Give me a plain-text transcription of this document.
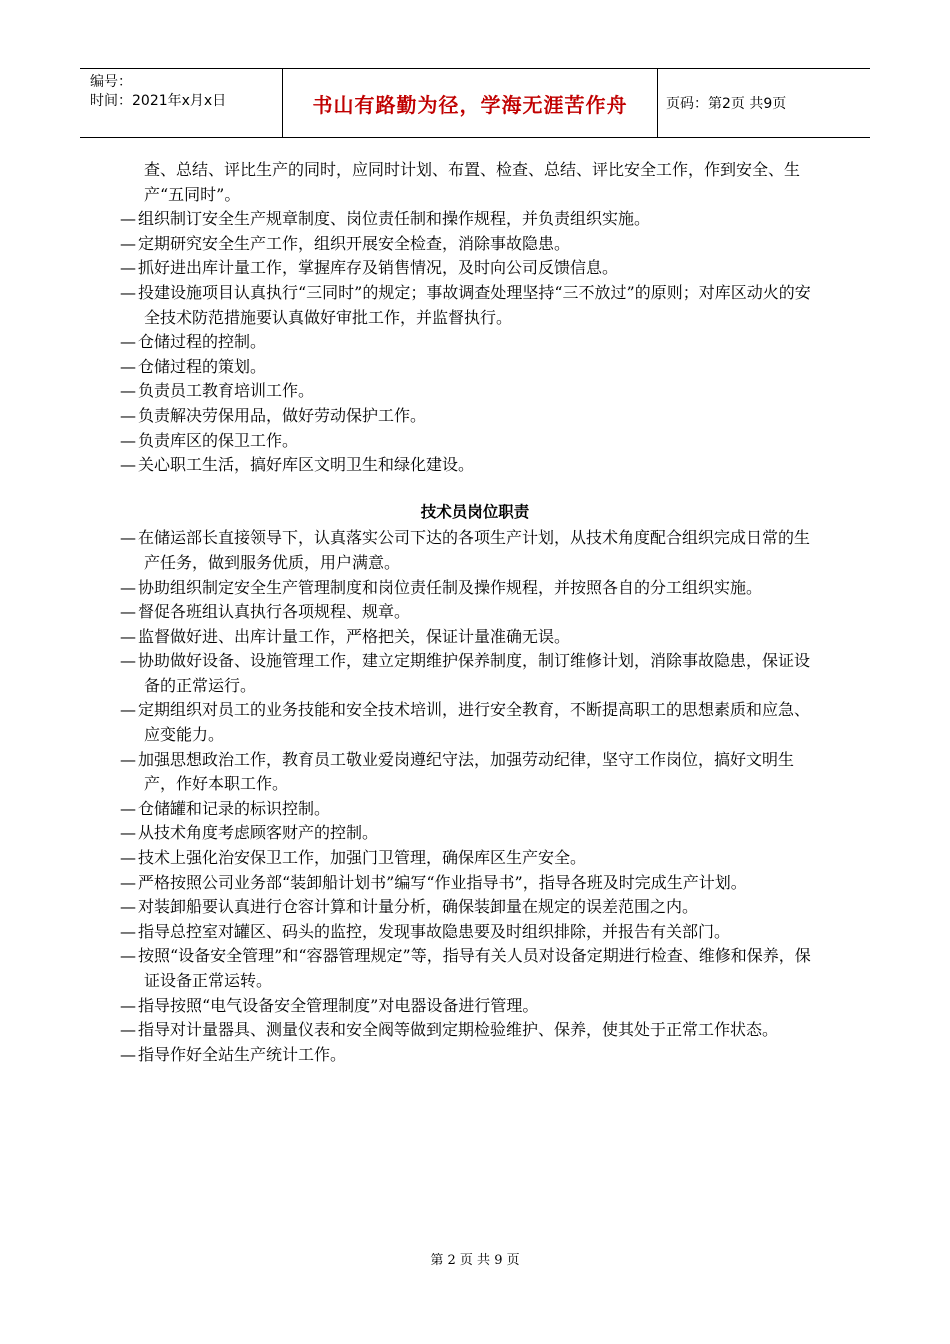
编号：
时间：2021年x月x日	书山有路勤为径，学海无涯苦作舟	页码：第2页 共9页

查、总结、评比生产的同时，应同时计划、布置、检查、总结、评比安全工作，作到安全、生产“五同时”。

— 组织制订安全生产规章制度、岗位责任制和操作规程，并负责组织实施。

— 定期研究安全生产工作，组织开展安全检查，消除事故隐患。

— 抓好进出库计量工作，掌握库存及销售情况，及时向公司反馈信息。

— 投建设施项目认真执行“三同时”的规定；事故调查处理坚持“三不放过”的原则；对库区动火的安全技术防范措施要认真做好审批工作，并监督执行。

— 仓储过程的控制。

— 仓储过程的策划。

— 负责员工教育培训工作。

— 负责解决劳保用品，做好劳动保护工作。

— 负责库区的保卫工作。

— 关心职工生活，搞好库区文明卫生和绿化建设。

技术员岗位职责

— 在储运部长直接领导下，认真落实公司下达的各项生产计划，从技术角度配合组织完成日常的生产任务，做到服务优质，用户满意。

— 协助组织制定安全生产管理制度和岗位责任制及操作规程，并按照各自的分工组织实施。

— 督促各班组认真执行各项规程、规章。

— 监督做好进、出库计量工作，严格把关，保证计量准确无误。

— 协助做好设备、设施管理工作，建立定期维护保养制度，制订维修计划，消除事故隐患，保证设备的正常运行。

— 定期组织对员工的业务技能和安全技术培训，进行安全教育，不断提高职工的思想素质和应急、应变能力。

— 加强思想政治工作，教育员工敬业爱岗遵纪守法，加强劳动纪律，坚守工作岗位，搞好文明生产，作好本职工作。

— 仓储罐和记录的标识控制。

— 从技术角度考虑顾客财产的控制。

— 技术上强化治安保卫工作，加强门卫管理，确保库区生产安全。

— 严格按照公司业务部“装卸船计划书”编写“作业指导书”，指导各班及时完成生产计划。

— 对装卸船要认真进行仓容计算和计量分析，确保装卸量在规定的误差范围之内。

— 指导总控室对罐区、码头的监控，发现事故隐患要及时组织排除，并报告有关部门。

— 按照“设备安全管理”和“容器管理规定”等，指导有关人员对设备定期进行检查、维修和保养，保证设备正常运转。

— 指导按照“电气设备安全管理制度”对电器设备进行管理。

— 指导对计量器具、测量仪表和安全阀等做到定期检验维护、保养，使其处于正常工作状态。

— 指导作好全站生产统计工作。

第 2 页 共 9 页
